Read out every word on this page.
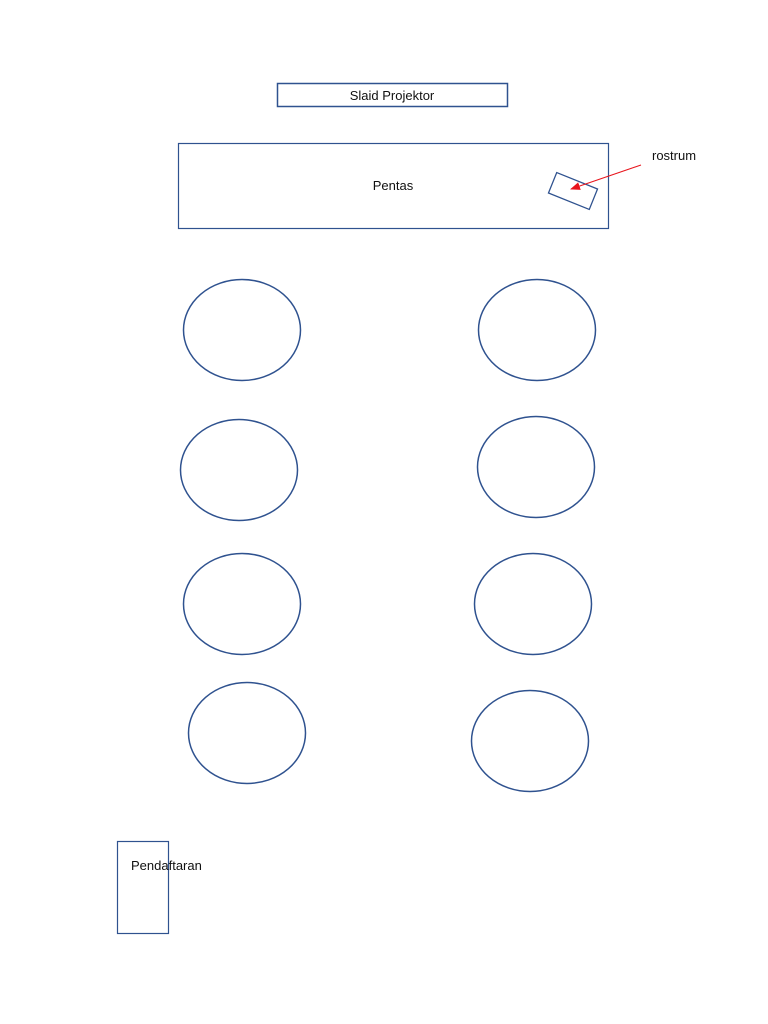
Slaid Projektor
Pentas
rostrum
Pendaftaran
